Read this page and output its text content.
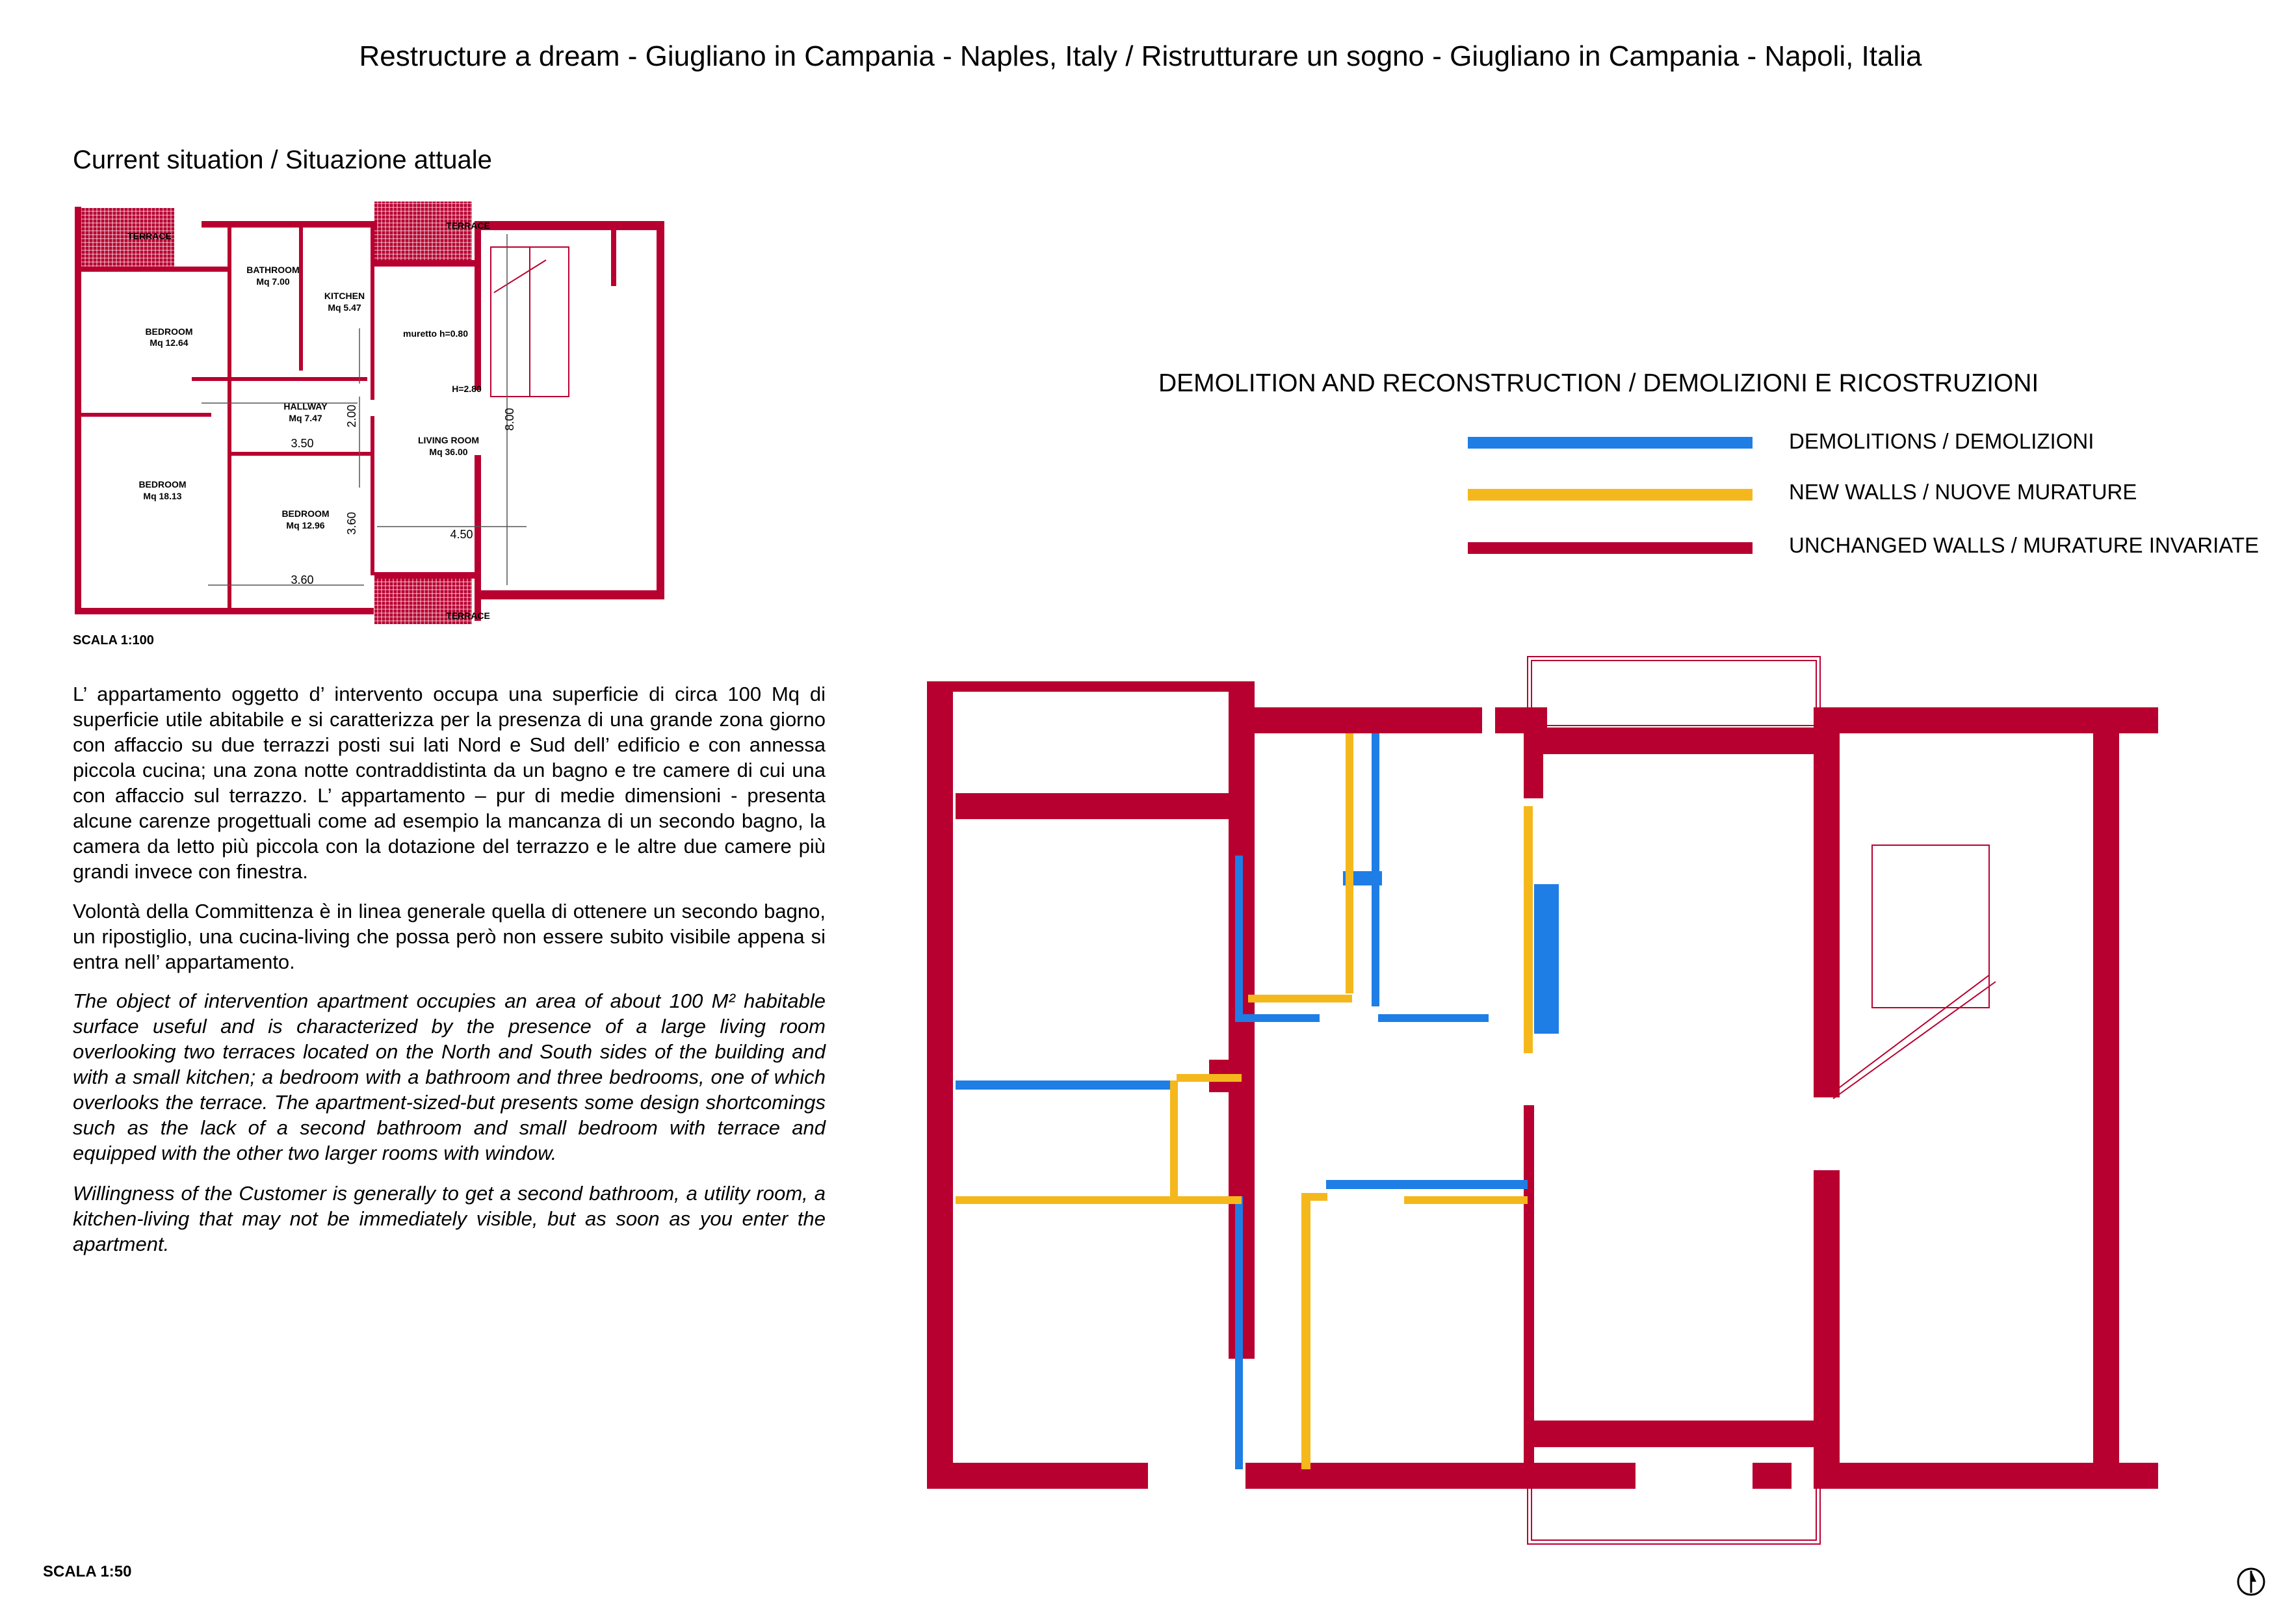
Restructure a dream - Giugliano in Campania - Naples, Italy / Ristrutturare un sogno - Giugliano in Campania - Napoli, Italia
Current situation / Situazione attuale
TERRACE
TERRACE
TERRACE
BATHROOM
Mq 7.00
KITCHEN
Mq 5.47
BEDROOM
Mq 12.64
HALLWAY
Mq 7.47
BEDROOM
Mq 18.13
BEDROOM
Mq 12.96
LIVING ROOM
Mq 36.00
muretto h=0.80
H=2.80
3.50
3.60
2.00
3.60
8.00
4.50
SCALA 1:100
L’ appartamento oggetto d’ intervento occupa una superficie di circa 100 Mq di superficie utile abitabile e si caratterizza per la presenza di una grande zona giorno con affaccio su due terrazzi posti sui lati Nord e Sud dell’ edificio e con annessa piccola cucina; una zona notte contraddistinta da un bagno e tre camere di cui una con affaccio sul terrazzo. L’ appartamento – pur di medie dimensioni - presenta alcune carenze progettuali come ad esempio la mancanza di un secondo bagno, la camera da letto più piccola con la dotazione del terrazzo e le altre due camere più grandi invece con finestra.
Volontà della Committenza è in linea generale quella di ottenere un secondo bagno, un ripostiglio, una cucina-living che possa però non essere subito visibile appena si entra nell’ appartamento.
The object of intervention apartment occupies an area of about 100 M² habitable surface useful and is characterized by the presence of a large living room overlooking two terraces located on the North and South sides of the building and with a small kitchen; a bedroom with a bathroom and three bedrooms, one of which overlooks the terrace. The apartment-sized-but presents some design shortcomings such as the lack of a second bathroom and small bedroom with terrace and equipped with the other two larger rooms with window.
Willingness of the Customer is generally to get a second bathroom, a utility room, a kitchen-living that may not be immediately visible, but as soon as you enter the apartment.
DEMOLITION AND RECONSTRUCTION / DEMOLIZIONI E RICOSTRUZIONI
DEMOLITIONS / DEMOLIZIONI
NEW WALLS / NUOVE MURATURE
UNCHANGED WALLS / MURATURE INVARIATE
SCALA 1:50
